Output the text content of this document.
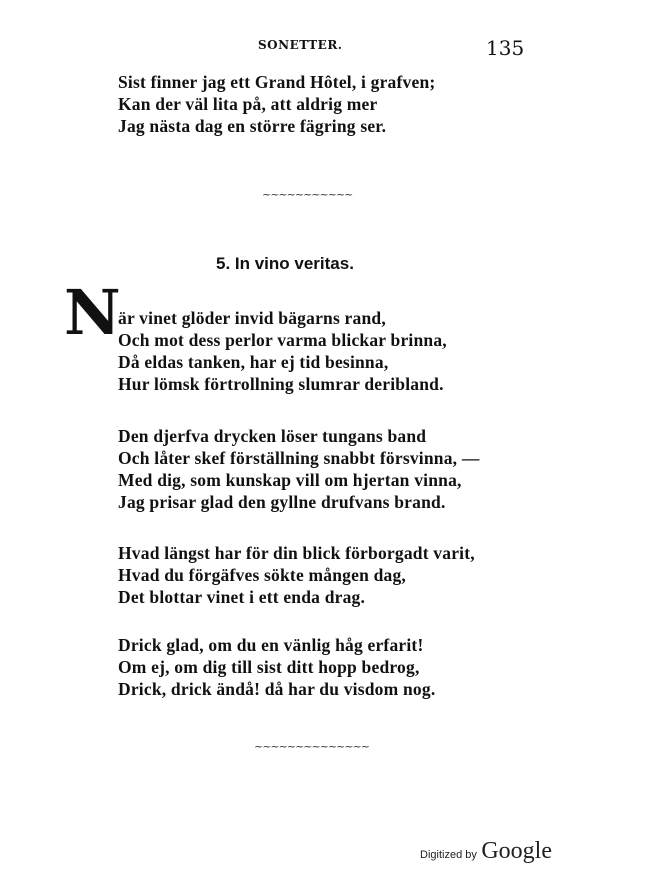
SONETTER.	135
Sist finner jag ett Grand Hôtel, i grafven;
Kan der väl lita på, att aldrig mer
Jag nästa dag en större fägring ser.
~~~~~~~~~~~
5. In vino veritas.
N
är vinet glöder invid bägarns rand,
Och mot dess perlor varma blickar brinna,
Då eldas tanken, har ej tid besinna,
Hur lömsk förtrollning slumrar deribland.
Den djerfva drycken löser tungans band
Och låter skef förställning snabbt försvinna, —
Med dig, som kunskap vill om hjertan vinna,
Jag prisar glad den gyllne drufvans brand.
Hvad längst har för din blick förborgadt varit,
Hvad du förgäfves sökte mången dag,
Det blottar vinet i ett enda drag.
Drick glad, om du en vänlig håg erfarit!
Om ej, om dig till sist ditt hopp bedrog,
Drick, drick ändå! då har du visdom nog.
~~~~~~~~~~~~~~
Digitized by Google
